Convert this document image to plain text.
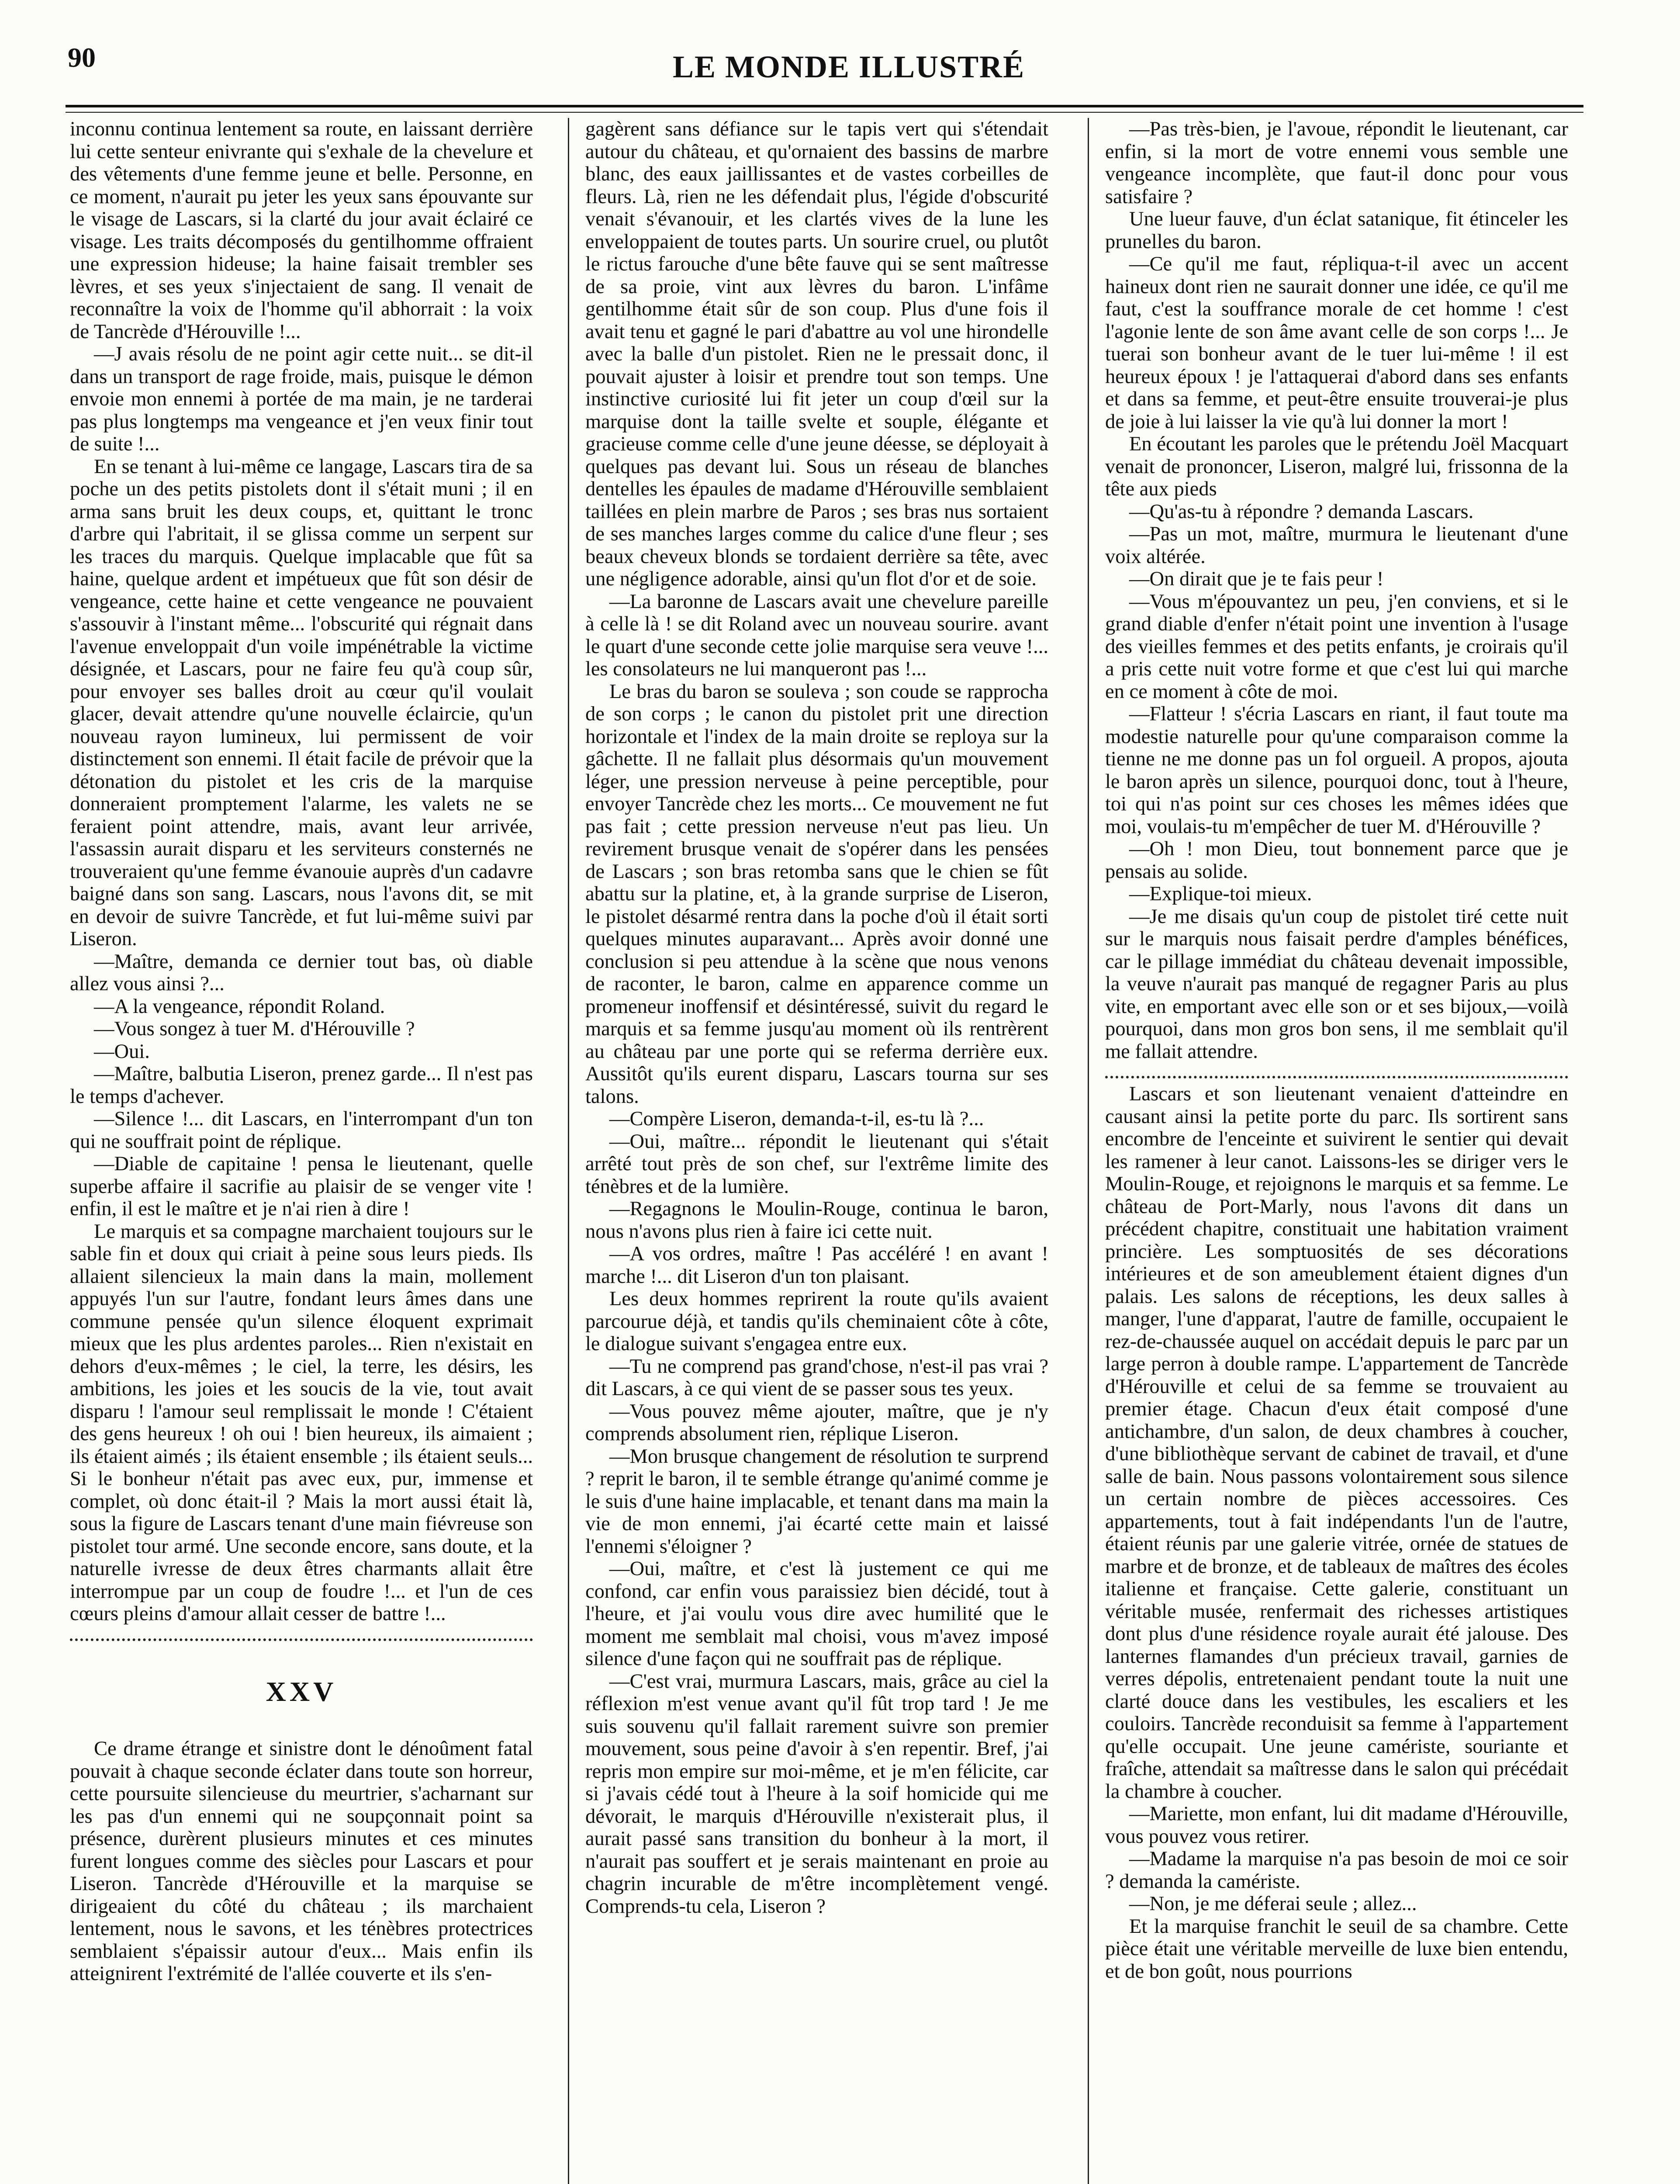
90	LE MONDE ILLUSTRÉ

inconnu continua lentement sa route, en laissant derrière lui cette senteur enivrante qui s'exhale de la chevelure et des vêtements d'une femme jeune et belle. Personne, en ce moment, n'aurait pu jeter les yeux sans épouvante sur le visage de Lascars, si la clarté du jour avait éclairé ce visage. Les traits décomposés du gentilhomme offraient une expression hideuse; la haine faisait trembler ses lèvres, et ses yeux s'injectaient de sang. Il venait de reconnaître la voix de l'homme qu'il abhorrait : la voix de Tancrède d'Hérouville !...

—J avais résolu de ne point agir cette nuit... se dit-il dans un transport de rage froide, mais, puisque le démon envoie mon ennemi à portée de ma main, je ne tarderai pas plus longtemps ma vengeance et j'en veux finir tout de suite !...

En se tenant à lui-même ce langage, Lascars tira de sa poche un des petits pistolets dont il s'était muni ; il en arma sans bruit les deux coups, et, quittant le tronc d'arbre qui l'abritait, il se glissa comme un serpent sur les traces du marquis. Quelque implacable que fût sa haine, quelque ardent et impétueux que fût son désir de vengeance, cette haine et cette vengeance ne pouvaient s'assouvir à l'instant même... l'obscurité qui régnait dans l'avenue enveloppait d'un voile impénétrable la victime désignée, et Lascars, pour ne faire feu qu'à coup sûr, pour envoyer ses balles droit au cœur qu'il voulait glacer, devait attendre qu'une nouvelle éclaircie, qu'un nouveau rayon lumineux, lui permissent de voir distinctement son ennemi. Il était facile de prévoir que la détonation du pistolet et les cris de la marquise donneraient promptement l'alarme, les valets ne se feraient point attendre, mais, avant leur arrivée, l'assassin aurait disparu et les serviteurs consternés ne trouveraient qu'une femme évanouie auprès d'un cadavre baigné dans son sang. Lascars, nous l'avons dit, se mit en devoir de suivre Tancrède, et fut lui-même suivi par Liseron.

—Maître, demanda ce dernier tout bas, où diable allez vous ainsi ?...

—A la vengeance, répondit Roland.

—Vous songez à tuer M. d'Hérouville ?

—Oui.

—Maître, balbutia Liseron, prenez garde... Il n'est pas le temps d'achever.

—Silence !... dit Lascars, en l'interrompant d'un ton qui ne souffrait point de réplique.

—Diable de capitaine ! pensa le lieutenant, quelle superbe affaire il sacrifie au plaisir de se venger vite ! enfin, il est le maître et je n'ai rien à dire !

Le marquis et sa compagne marchaient toujours sur le sable fin et doux qui criait à peine sous leurs pieds. Ils allaient silencieux la main dans la main, mollement appuyés l'un sur l'autre, fondant leurs âmes dans une commune pensée qu'un silence éloquent exprimait mieux que les plus ardentes paroles... Rien n'existait en dehors d'eux-mêmes ; le ciel, la terre, les désirs, les ambitions, les joies et les soucis de la vie, tout avait disparu ! l'amour seul remplissait le monde ! C'étaient des gens heureux ! oh oui ! bien heureux, ils aimaient ; ils étaient aimés ; ils étaient ensemble ; ils étaient seuls... Si le bonheur n'était pas avec eux, pur, immense et complet, où donc était-il ? Mais la mort aussi était là, sous la figure de Lascars tenant d'une main fiévreuse son pistolet tour armé. Une seconde encore, sans doute, et la naturelle ivresse de deux êtres charmants allait être interrompue par un coup de foudre !... et l'un de ces cœurs pleins d'amour allait cesser de battre !...

XXV

Ce drame étrange et sinistre dont le dénoûment fatal pouvait à chaque seconde éclater dans toute son horreur, cette poursuite silencieuse du meurtrier, s'acharnant sur les pas d'un ennemi qui ne soupçonnait point sa présence, durèrent plusieurs minutes et ces minutes furent longues comme des siècles pour Lascars et pour Liseron. Tancrède d'Hérouville et la marquise se dirigeaient du côté du château ; ils marchaient lentement, nous le savons, et les ténèbres protectrices semblaient s'épaissir autour d'eux... Mais enfin ils atteignirent l'extrémité de l'allée couverte et ils s'en-

gagèrent sans défiance sur le tapis vert qui s'étendait autour du château, et qu'ornaient des bassins de marbre blanc, des eaux jaillissantes et de vastes corbeilles de fleurs. Là, rien ne les défendait plus, l'égide d'obscurité venait s'évanouir, et les clartés vives de la lune les enveloppaient de toutes parts. Un sourire cruel, ou plutôt le rictus farouche d'une bête fauve qui se sent maîtresse de sa proie, vint aux lèvres du baron. L'infâme gentilhomme était sûr de son coup. Plus d'une fois il avait tenu et gagné le pari d'abattre au vol une hirondelle avec la balle d'un pistolet. Rien ne le pressait donc, il pouvait ajuster à loisir et prendre tout son temps. Une instinctive curiosité lui fit jeter un coup d'œil sur la marquise dont la taille svelte et souple, élégante et gracieuse comme celle d'une jeune déesse, se déployait à quelques pas devant lui. Sous un réseau de blanches dentelles les épaules de madame d'Hérouville semblaient taillées en plein marbre de Paros ; ses bras nus sortaient de ses manches larges comme du calice d'une fleur ; ses beaux cheveux blonds se tordaient derrière sa tête, avec une négligence adorable, ainsi qu'un flot d'or et de soie.

—La baronne de Lascars avait une chevelure pareille à celle là ! se dit Roland avec un nouveau sourire. avant le quart d'une seconde cette jolie marquise sera veuve !... les consolateurs ne lui manqueront pas !...

Le bras du baron se souleva ; son coude se rapprocha de son corps ; le canon du pistolet prit une direction horizontale et l'index de la main droite se reploya sur la gâchette. Il ne fallait plus désormais qu'un mouvement léger, une pression nerveuse à peine perceptible, pour envoyer Tancrède chez les morts... Ce mouvement ne fut pas fait ; cette pression nerveuse n'eut pas lieu. Un revirement brusque venait de s'opérer dans les pensées de Lascars ; son bras retomba sans que le chien se fût abattu sur la platine, et, à la grande surprise de Liseron, le pistolet désarmé rentra dans la poche d'où il était sorti quelques minutes auparavant... Après avoir donné une conclusion si peu attendue à la scène que nous venons de raconter, le baron, calme en apparence comme un promeneur inoffensif et désintéressé, suivit du regard le marquis et sa femme jusqu'au moment où ils rentrèrent au château par une porte qui se referma derrière eux. Aussitôt qu'ils eurent disparu, Lascars tourna sur ses talons.

—Compère Liseron, demanda-t-il, es-tu là ?...

—Oui, maître... répondit le lieutenant qui s'était arrêté tout près de son chef, sur l'extrême limite des ténèbres et de la lumière.

—Regagnons le Moulin-Rouge, continua le baron, nous n'avons plus rien à faire ici cette nuit.

—A vos ordres, maître ! Pas accéléré ! en avant ! marche !... dit Liseron d'un ton plaisant.

Les deux hommes reprirent la route qu'ils avaient parcourue déjà, et tandis qu'ils cheminaient côte à côte, le dialogue suivant s'engagea entre eux.

—Tu ne comprend pas grand'chose, n'est-il pas vrai ? dit Lascars, à ce qui vient de se passer sous tes yeux.

—Vous pouvez même ajouter, maître, que je n'y comprends absolument rien, réplique Liseron.

—Mon brusque changement de résolution te surprend ? reprit le baron, il te semble étrange qu'animé comme je le suis d'une haine implacable, et tenant dans ma main la vie de mon ennemi, j'ai écarté cette main et laissé l'ennemi s'éloigner ?

—Oui, maître, et c'est là justement ce qui me confond, car enfin vous paraissiez bien décidé, tout à l'heure, et j'ai voulu vous dire avec humilité que le moment me semblait mal choisi, vous m'avez imposé silence d'une façon qui ne souffrait pas de réplique.

—C'est vrai, murmura Lascars, mais, grâce au ciel la réflexion m'est venue avant qu'il fût trop tard ! Je me suis souvenu qu'il fallait rarement suivre son premier mouvement, sous peine d'avoir à s'en repentir. Bref, j'ai repris mon empire sur moi-même, et je m'en félicite, car si j'avais cédé tout à l'heure à la soif homicide qui me dévorait, le marquis d'Hérouville n'existerait plus, il aurait passé sans transition du bonheur à la mort, il n'aurait pas souffert et je serais maintenant en proie au chagrin incurable de m'être incomplètement vengé. Comprends-tu cela, Liseron ?

—Pas très-bien, je l'avoue, répondit le lieutenant, car enfin, si la mort de votre ennemi vous semble une vengeance incomplète, que faut-il donc pour vous satisfaire ?

Une lueur fauve, d'un éclat satanique, fit étinceler les prunelles du baron.

—Ce qu'il me faut, répliqua-t-il avec un accent haineux dont rien ne saurait donner une idée, ce qu'il me faut, c'est la souffrance morale de cet homme ! c'est l'agonie lente de son âme avant celle de son corps !... Je tuerai son bonheur avant de le tuer lui-même ! il est heureux époux ! je l'attaquerai d'abord dans ses enfants et dans sa femme, et peut-être ensuite trouverai-je plus de joie à lui laisser la vie qu'à lui donner la mort !

En écoutant les paroles que le prétendu Joël Macquart venait de prononcer, Liseron, malgré lui, frissonna de la tête aux pieds

—Qu'as-tu à répondre ? demanda Lascars.

—Pas un mot, maître, murmura le lieutenant d'une voix altérée.

—On dirait que je te fais peur !

—Vous m'épouvantez un peu, j'en conviens, et si le grand diable d'enfer n'était point une invention à l'usage des vieilles femmes et des petits enfants, je croirais qu'il a pris cette nuit votre forme et que c'est lui qui marche en ce moment à côte de moi.

—Flatteur ! s'écria Lascars en riant, il faut toute ma modestie naturelle pour qu'une comparaison comme la tienne ne me donne pas un fol orgueil. A propos, ajouta le baron après un silence, pourquoi donc, tout à l'heure, toi qui n'as point sur ces choses les mêmes idées que moi, voulais-tu m'empêcher de tuer M. d'Hérouville ?

—Oh ! mon Dieu, tout bonnement parce que je pensais au solide.

—Explique-toi mieux.

—Je me disais qu'un coup de pistolet tiré cette nuit sur le marquis nous faisait perdre d'amples bénéfices, car le pillage immédiat du château devenait impossible, la veuve n'aurait pas manqué de regagner Paris au plus vite, en emportant avec elle son or et ses bijoux,—voilà pourquoi, dans mon gros bon sens, il me semblait qu'il me fallait attendre.

Lascars et son lieutenant venaient d'atteindre en causant ainsi la petite porte du parc. Ils sortirent sans encombre de l'enceinte et suivirent le sentier qui devait les ramener à leur canot. Laissons-les se diriger vers le Moulin-Rouge, et rejoignons le marquis et sa femme. Le château de Port-Marly, nous l'avons dit dans un précédent chapitre, constituait une habitation vraiment princière. Les somptuosités de ses décorations intérieures et de son ameublement étaient dignes d'un palais. Les salons de réceptions, les deux salles à manger, l'une d'apparat, l'autre de famille, occupaient le rez-de-chaussée auquel on accédait depuis le parc par un large perron à double rampe. L'appartement de Tancrède d'Hérouville et celui de sa femme se trouvaient au premier étage. Chacun d'eux était composé d'une antichambre, d'un salon, de deux chambres à coucher, d'une bibliothèque servant de cabinet de travail, et d'une salle de bain. Nous passons volontairement sous silence un certain nombre de pièces accessoires. Ces appartements, tout à fait indépendants l'un de l'autre, étaient réunis par une galerie vitrée, ornée de statues de marbre et de bronze, et de tableaux de maîtres des écoles italienne et française. Cette galerie, constituant un véritable musée, renfermait des richesses artistiques dont plus d'une résidence royale aurait été jalouse. Des lanternes flamandes d'un précieux travail, garnies de verres dépolis, entretenaient pendant toute la nuit une clarté douce dans les vestibules, les escaliers et les couloirs. Tancrède reconduisit sa femme à l'appartement qu'elle occupait. Une jeune camériste, souriante et fraîche, attendait sa maîtresse dans le salon qui précédait la chambre à coucher.

—Mariette, mon enfant, lui dit madame d'Hérouville, vous pouvez vous retirer.

—Madame la marquise n'a pas besoin de moi ce soir ? demanda la camériste.

—Non, je me déferai seule ; allez...

Et la marquise franchit le seuil de sa chambre. Cette pièce était une véritable merveille de luxe bien entendu, et de bon goût, nous pourrions
